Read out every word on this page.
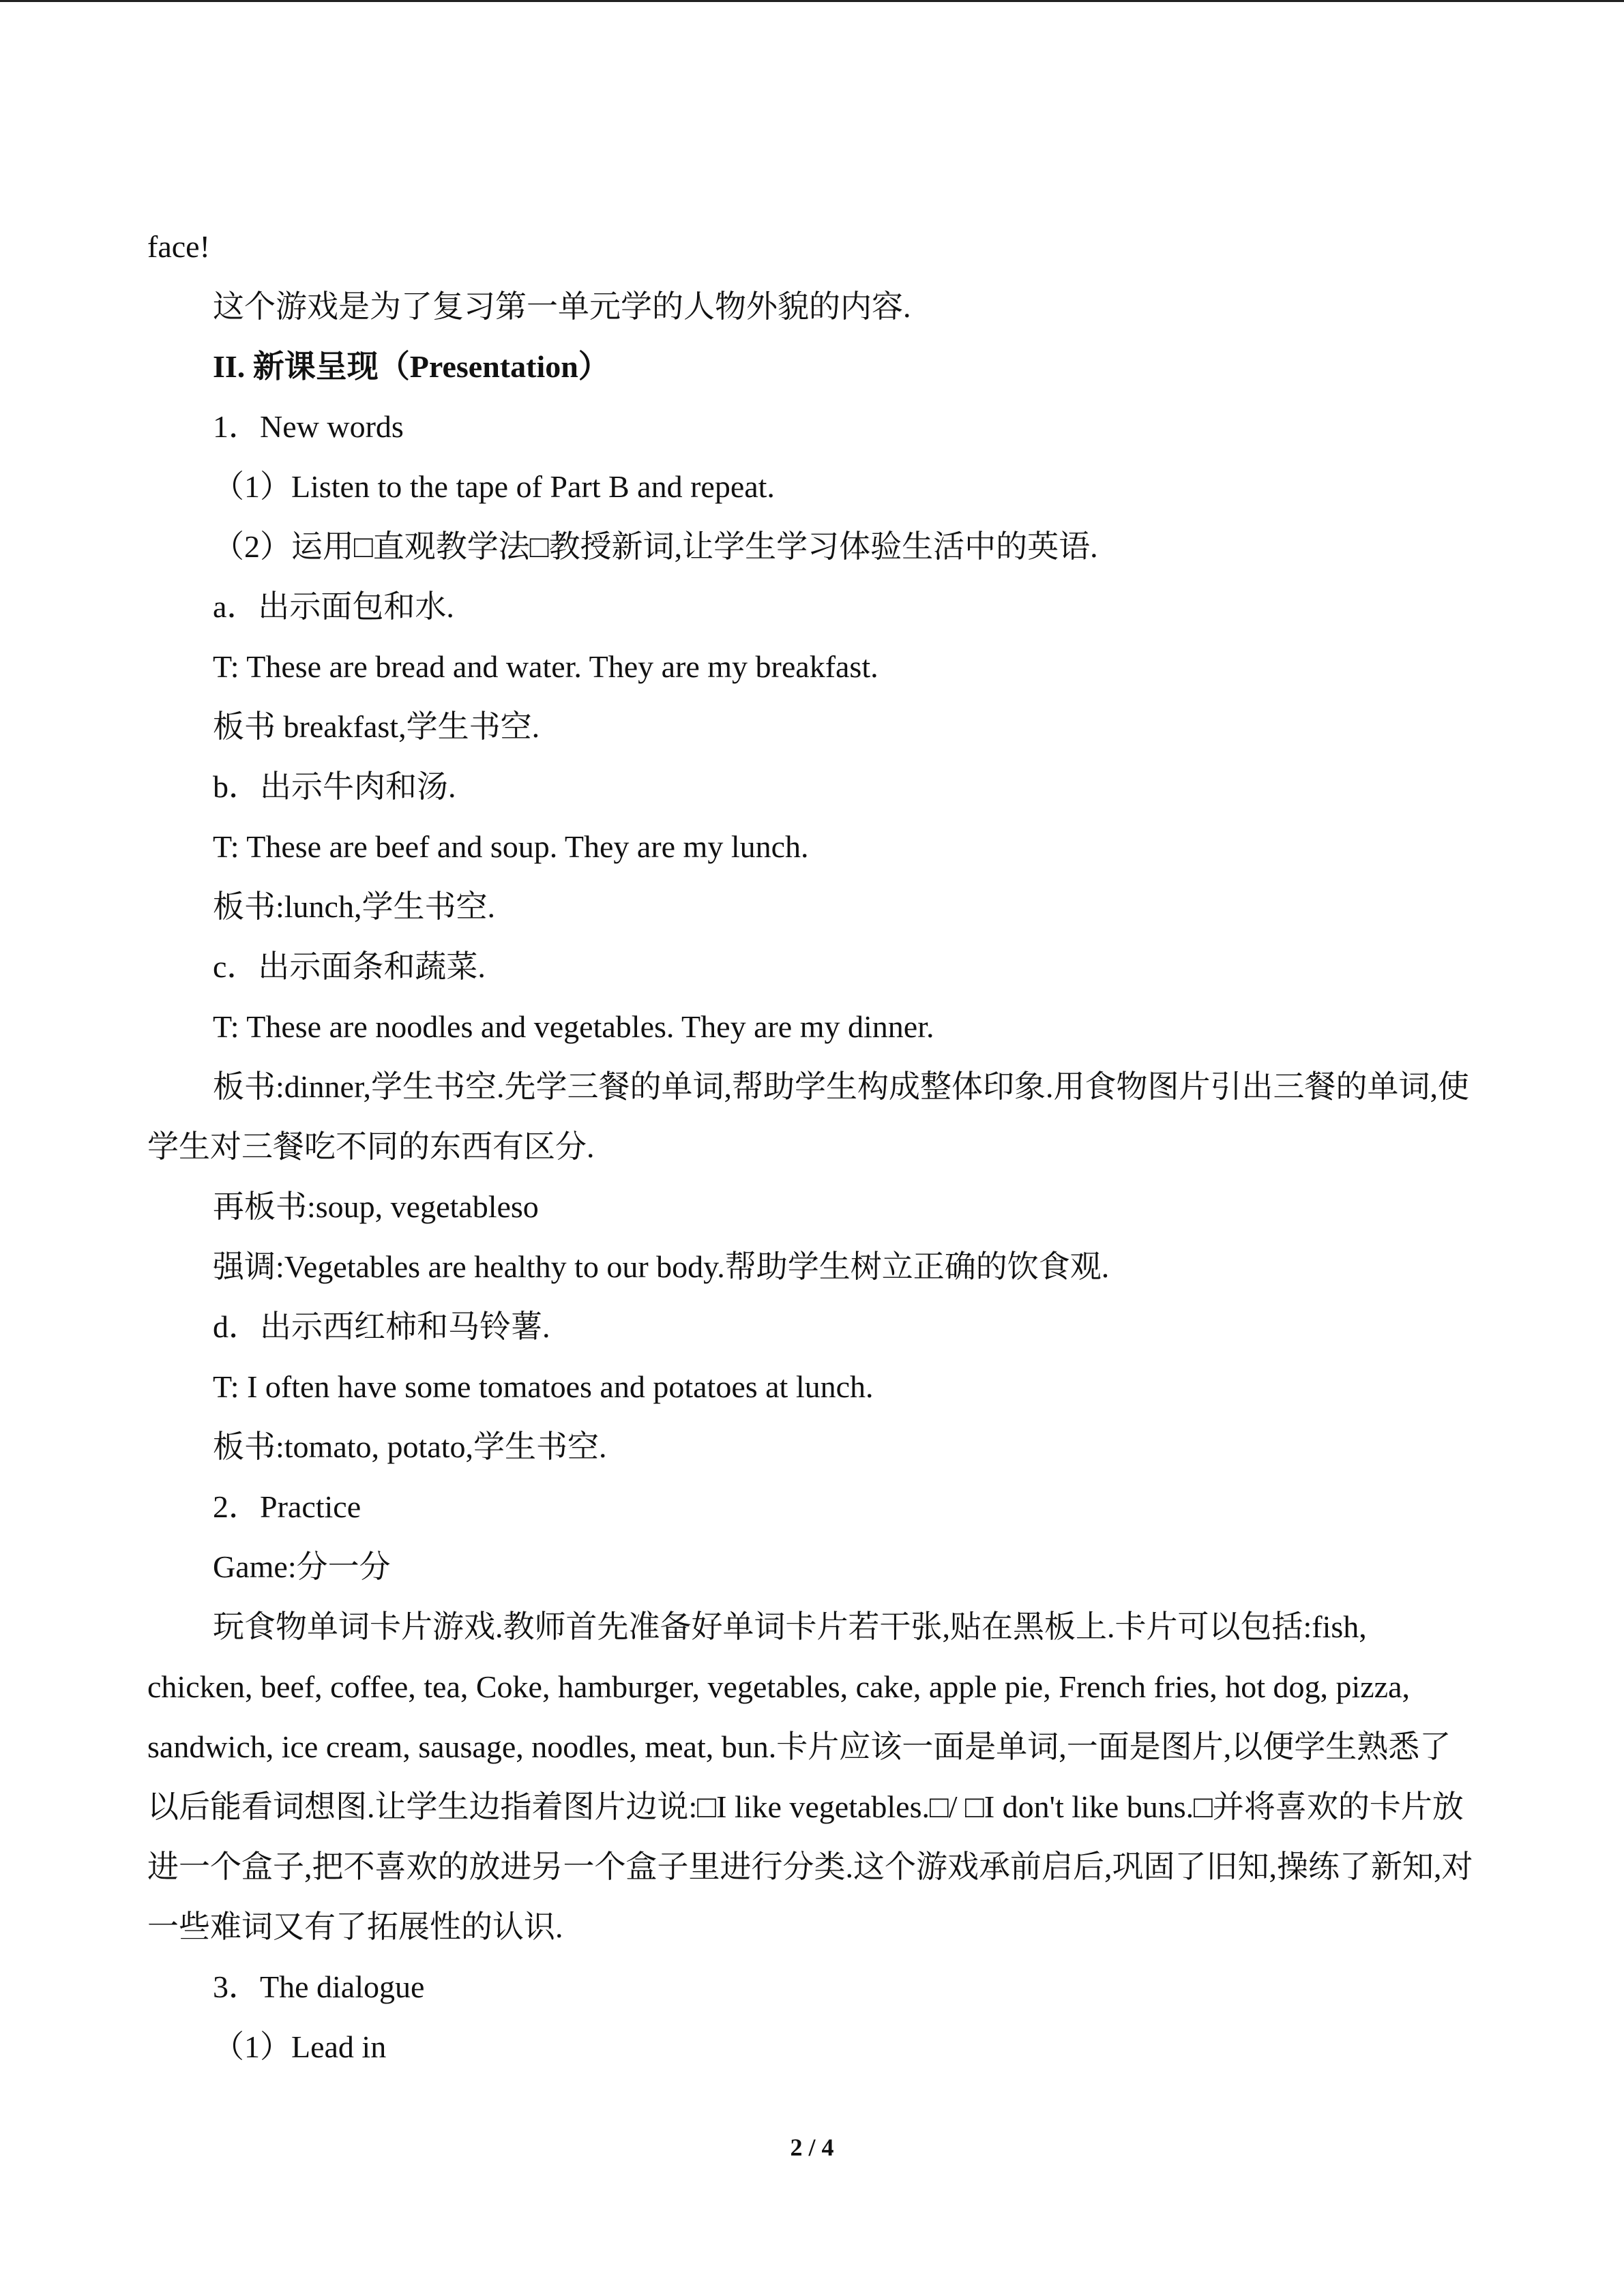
face!

这个游戏是为了复习第一单元学的人物外貌的内容.

II. 新课呈现（Presentation）

1．New words

（1）Listen to the tape of Part B and repeat.

（2）运用□直观教学法□教授新词,让学生学习体验生活中的英语.

a．出示面包和水.

T: These are bread and water. They are my breakfast.

板书 breakfast,学生书空.

b．出示牛肉和汤.

T: These are beef and soup. They are my lunch.

板书:lunch,学生书空.

c．出示面条和蔬菜.

T: These are noodles and vegetables. They are my dinner.

板书:dinner,学生书空.先学三餐的单词,帮助学生构成整体印象.用食物图片引出三餐的单词,使学生对三餐吃不同的东西有区分.

再板书:soup, vegetableso

强调:Vegetables are healthy to our body.帮助学生树立正确的饮食观.

d．出示西红柿和马铃薯.

T: I often have some tomatoes and potatoes at lunch.

板书:tomato, potato,学生书空.

2．Practice

Game:分一分

玩食物单词卡片游戏.教师首先准备好单词卡片若干张,贴在黑板上.卡片可以包括:fish, chicken, beef, coffee, tea, Coke, hamburger, vegetables, cake, apple pie, French fries, hot dog, pizza, sandwich, ice cream, sausage, noodles, meat, bun.卡片应该一面是单词,一面是图片,以便学生熟悉了以后能看词想图.让学生边指着图片边说:□I like vegetables.□/ □I don't like buns.□并将喜欢的卡片放进一个盒子,把不喜欢的放进另一个盒子里进行分类.这个游戏承前启后,巩固了旧知,操练了新知,对一些难词又有了拓展性的认识.

3．The dialogue

（1）Lead in

2 / 4
